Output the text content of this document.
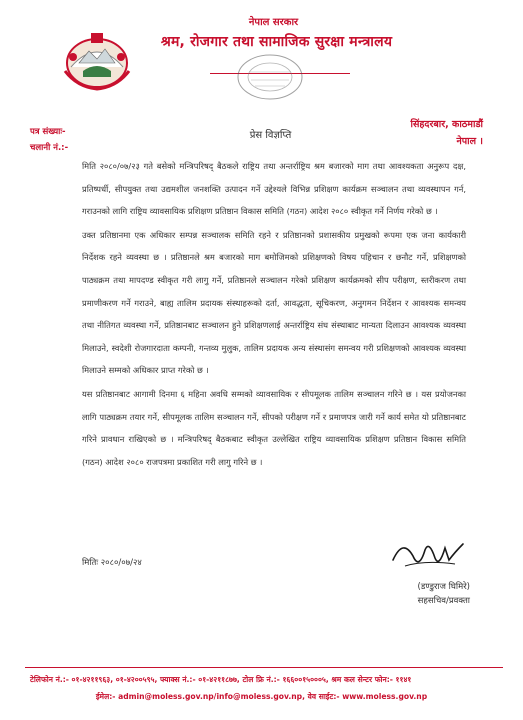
नेपाल सरकार
श्रम, रोजगार तथा सामाजिक सुरक्षा मन्त्रालय
पत्र संख्याः-
चलानी नं.:-
सिंहदरबार, काठमाडौं
नेपाल ।
प्रेस विज्ञप्ति

मिति २०८०/०७/२३ गते बसेको मन्त्रिपरिषद् बैठकले राष्ट्रिय तथा अन्तर्राष्ट्रिय श्रम बजारको माग तथा आवश्यकता अनुरूप दक्ष, प्रतिष्पर्धी, सीपयुक्त तथा उद्यमशील जनशक्ति उत्पादन गर्ने उद्देश्यले विभिन्न प्रशिक्षण कार्यक्रम सञ्चालन तथा व्यवस्थापन गर्न, गराउनको लागि राष्ट्रिय व्यावसायिक प्रशिक्षण प्रतिष्ठान विकास समिति (गठन) आदेश २०८० स्वीकृत गर्ने निर्णय गरेको छ ।

उक्त प्रतिष्ठानमा एक अधिकार सम्पन्न सञ्चालक समिति रहने र प्रतिष्ठानको प्रशासकीय प्रमुखको रूपमा एक जना कार्यकारी निर्देशक रहने व्यवस्था छ । प्रतिष्ठानले श्रम बजारको माग बमोजिमको प्रशिक्षणको विषय पहिचान र छनौट गर्ने, प्रशिक्षणको पाठ्यक्रम तथा मापदण्ड स्वीकृत गरी लागु गर्ने, प्रतिष्ठानले सञ्चालन गरेको प्रशिक्षण कार्यक्रमको सीप परीक्षण, स्तरीकरण तथा प्रमाणीकरण गर्ने गराउने, बाह्य तालिम प्रदायक संस्थाहरूको दर्ता, आवद्धता, सूचिकरण, अनुगमन निर्देशन र आवश्यक समन्वय तथा नीतिगत व्यवस्था गर्ने, प्रतिष्ठानबाट सञ्चालन हुने प्रशिक्षणलाई अन्तर्राष्ट्रिय संघ संस्थाबाट मान्यता दिलाउन आवश्यक व्यवस्था मिलाउने, स्वदेशी रोजगारदाता कम्पनी, गन्तव्य मुलुक, तालिम प्रदायक अन्य संस्थासंग समन्वय गरी प्रशिक्षणको आवश्यक व्यवस्था मिलाउने सम्मको अधिकार प्राप्त गरेको छ ।

यस प्रतिष्ठानबाट आगामी दिनमा ६ महिना अवधि सम्मको व्यावसायिक र सीपमूलक तालिम सञ्चालन गरिने छ । यस प्रयोजनका लागि पाठ्यक्रम तयार गर्ने, सीपमूलक तालिम सञ्चालन गर्ने, सीपको परीक्षण गर्ने र प्रमाणपत्र जारी गर्ने कार्य समेत यो प्रतिष्ठानबाट गरिने प्रावधान राखिएको छ । मन्त्रिपरिषद् बैठकबाट स्वीकृत उल्लेखित राष्ट्रिय व्यावसायिक प्रशिक्षण प्रतिष्ठान विकास समिति (गठन) आदेश २०८० राजपत्रमा प्रकाशित गरी लागु गरिने छ ।

मितिः २०८०/०७/२४
(डण्डुराज घिमिरे)
सहसचिव/प्रवक्ता
टेलिफोन नं.:- ०१-४२११९६३, ०१-४२००५९५, फ्याक्स नं.:- ०१-४२११८७७, टोल फ्रि नं.:- १६६००१५०००५, श्रम कल सेन्टर फोन:- ११४१
ईमेल:- admin@moless.gov.np/info@moless.gov.np, वेव साईट:- www.moless.gov.np
